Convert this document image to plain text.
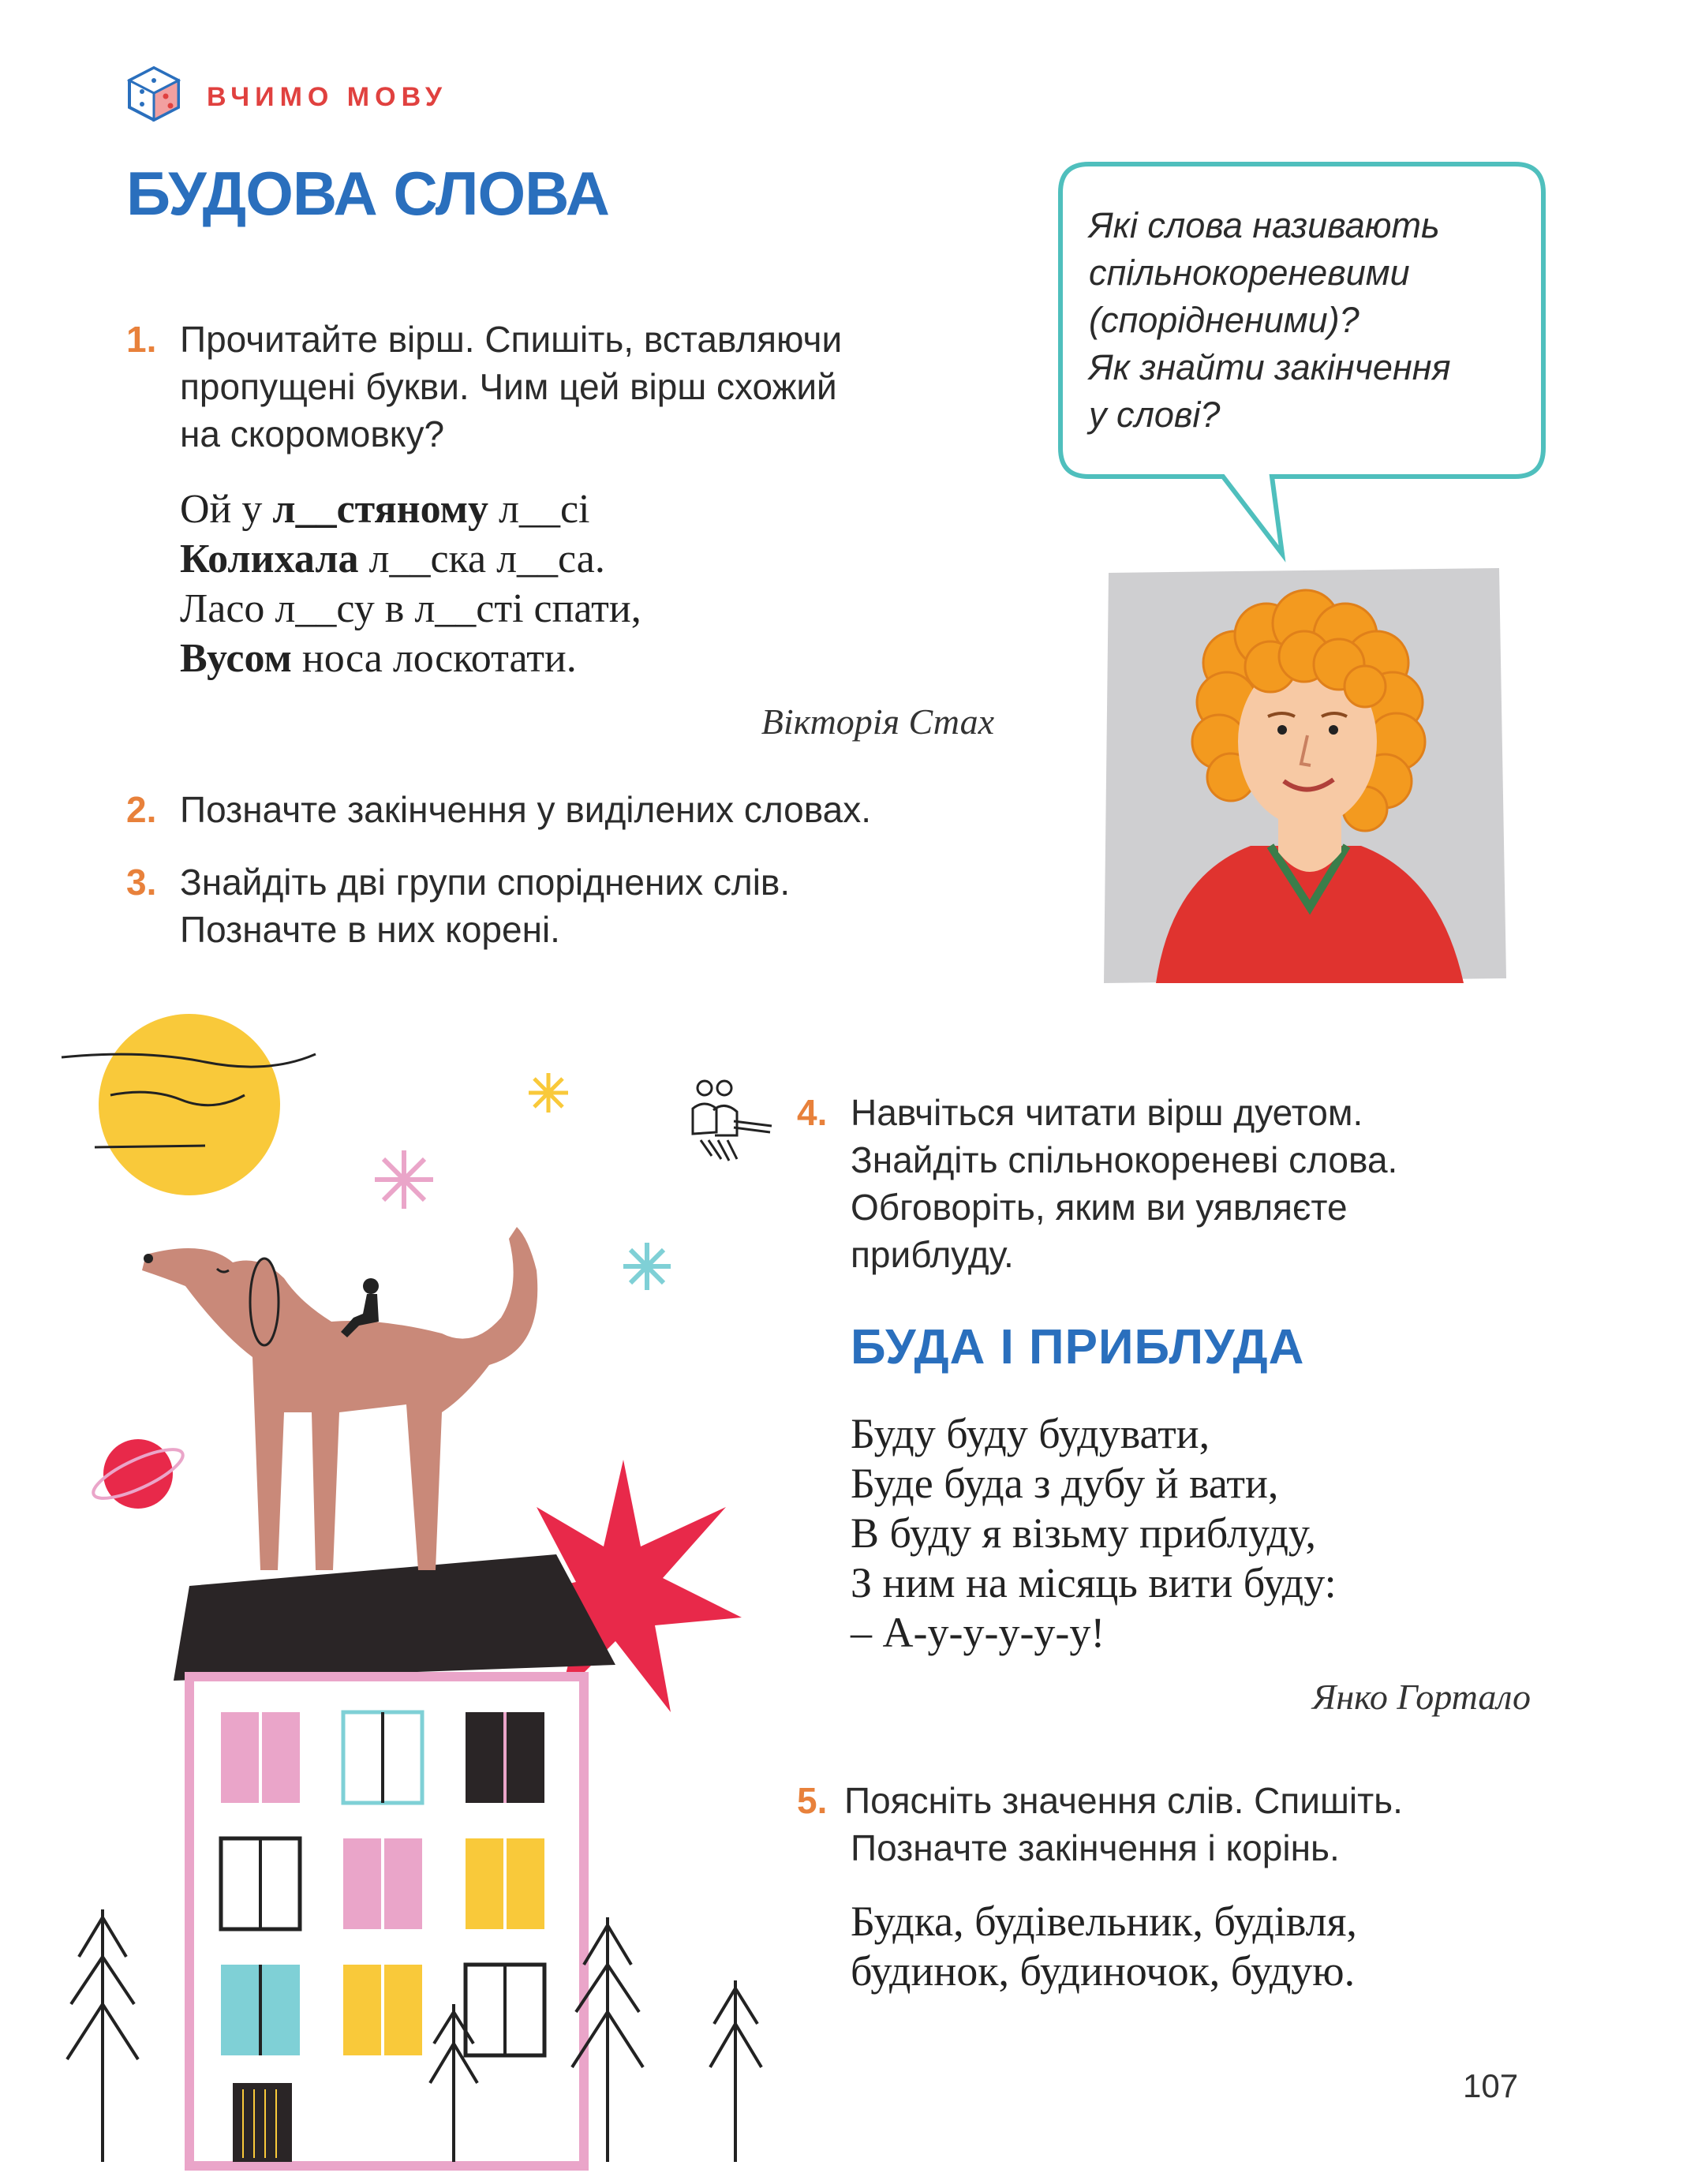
ВЧИМО МОВУ
БУДОВА СЛОВА
1. Прочитайте вірш. Спишіть, вставляючи
пропущені букви. Чим цей вірш схожий
на скоромовку?
Ой у л__стяному л__сі
Колихала л__ска л__са.
Ласо л__су в л__сті спати,
Вусом носа лоскотати.
Вікторія Стах
2. Позначте закінчення у виділених словах.
3. Знайдіть дві групи споріднених слів.
Позначте в них корені.
Які слова називають
спільнокореневими
(спорідненими)?
Як знайти закінчення
у слові?
4. Навчіться читати вірш дуетом.
Знайдіть спільнокореневі слова.
Обговоріть, яким ви уявляєте
приблуду.
БУДА І ПРИБЛУДА
Буду буду будувати,
Буде буда з дубу й вати,
В буду я візьму приблуду,
З ним на місяць вити буду:
– А-у-у-у-у-у!
Янко Гортало
5. Поясніть значення слів. Спишіть.
Позначте закінчення і корінь.
Будка, будівельник, будівля,
будинок, будиночок, будую.
107
